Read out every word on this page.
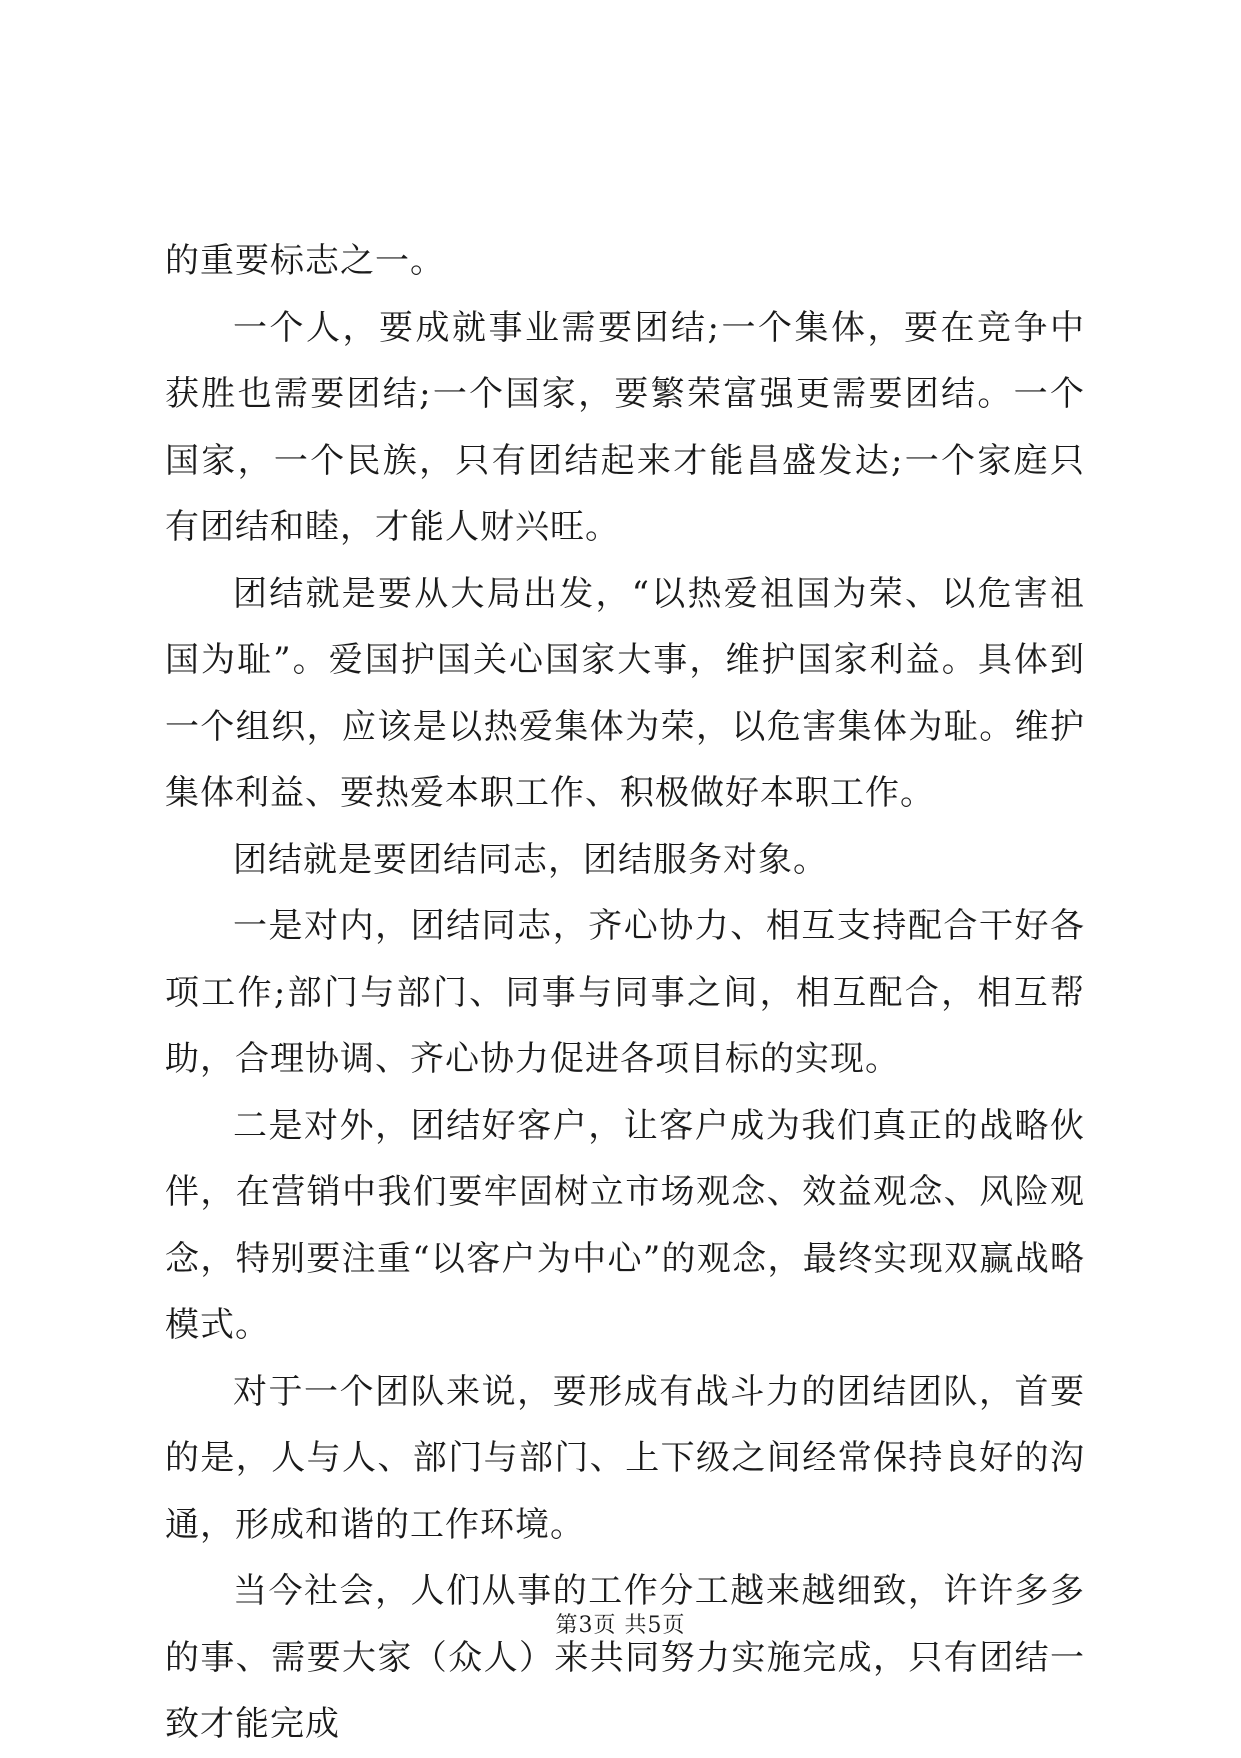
的重要标志之一。

一个人，要成就事业需要团结;一个集体，要在竞争中获胜也需要团结;一个国家，要繁荣富强更需要团结。一个国家，一个民族，只有团结起来才能昌盛发达;一个家庭只有团结和睦，才能人财兴旺。

团结就是要从大局出发，“以热爱祖国为荣、以危害祖国为耻”。爱国护国关心国家大事，维护国家利益。具体到一个组织，应该是以热爱集体为荣，以危害集体为耻。维护集体利益、要热爱本职工作、积极做好本职工作。

团结就是要团结同志，团结服务对象。

一是对内，团结同志，齐心协力、相互支持配合干好各项工作;部门与部门、同事与同事之间，相互配合，相互帮助，合理协调、齐心协力促进各项目标的实现。

二是对外，团结好客户，让客户成为我们真正的战略伙伴，在营销中我们要牢固树立市场观念、效益观念、风险观念，特别要注重“以客户为中心”的观念，最终实现双赢战略模式。

对于一个团队来说，要形成有战斗力的团结团队，首要的是，人与人、部门与部门、上下级之间经常保持良好的沟通，形成和谐的工作环境。

当今社会，人们从事的工作分工越来越细致，许许多多的事、需要大家（众人）来共同努力实施完成，只有团结一致才能完成

第3页 共5页
